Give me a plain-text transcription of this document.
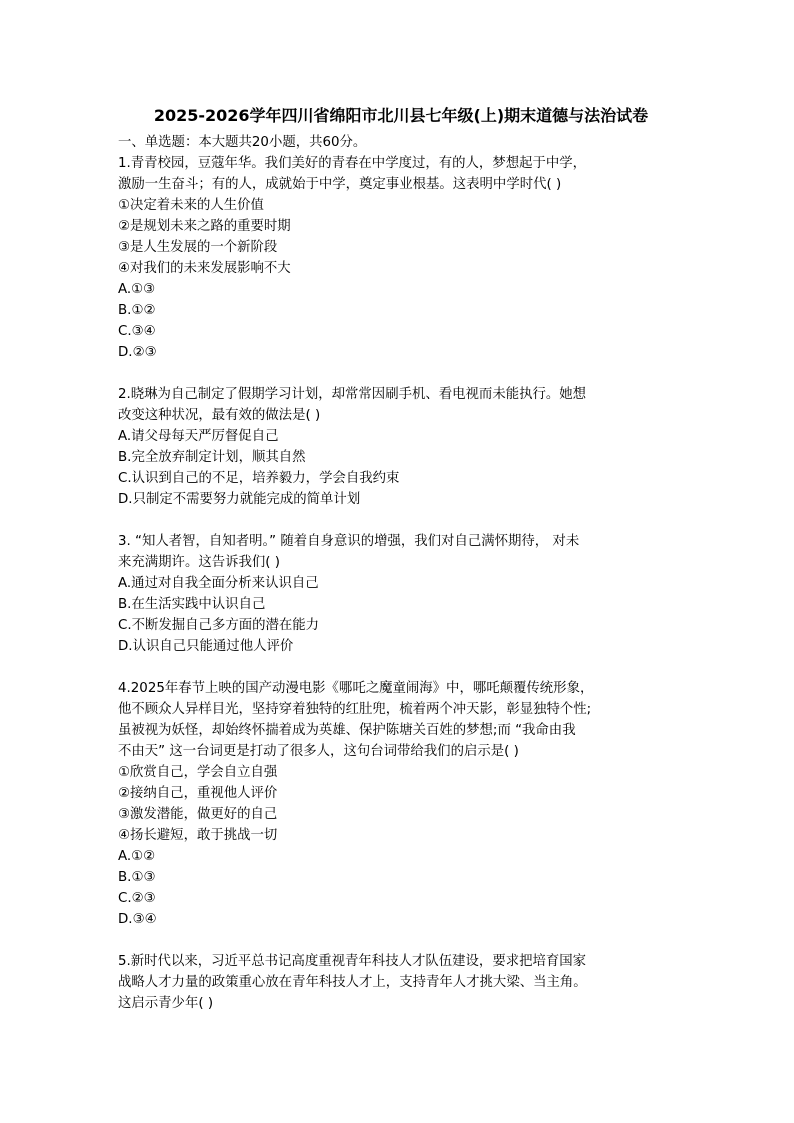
2025-2026学年四川省绵阳市北川县七年级(上)期末道德与法治试卷
一、单选题：本大题共20小题，共60分。
1.青青校园，豆蔻年华。我们美好的青春在中学度过，有的人，梦想起于中学，
激励一生奋斗；有的人，成就始于中学，奠定事业根基。这表明中学时代( )
①决定着未来的人生价值
②是规划未来之路的重要时期
③是人生发展的一个新阶段
④对我们的未来发展影响不大
A.①③
B.①②
C.③④
D.②③
2.晓琳为自己制定了假期学习计划，却常常因刷手机、看电视而未能执行。她想
改变这种状况，最有效的做法是( )
A.请父母每天严厉督促自己
B.完全放弃制定计划，顺其自然
C.认识到自己的不足，培养毅力，学会自我约束
D.只制定不需要努力就能完成的简单计划
3. “知人者智，自知者明。” 随着自身意识的增强，我们对自己满怀期待， 对未
来充满期许。这告诉我们( )
A.通过对自我全面分析来认识自己
B.在生活实践中认识自己
C.不断发掘自己多方面的潜在能力
D.认识自己只能通过他人评价
4.2025年春节上映的国产动漫电影《哪吒之魔童闹海》中，哪吒颠覆传统形象，
他不顾众人异样目光，坚持穿着独特的红肚兜，梳着两个冲天影，彰显独特个性;
虽被视为妖怪，却始终怀揣着成为英雄、保护陈塘关百姓的梦想;而 “我命由我
不由天” 这一台词更是打动了很多人，这句台词带给我们的启示是( )
①欣赏自己，学会自立自强
②接纳自己，重视他人评价
③激发潜能，做更好的自己
④扬长避短，敢于挑战一切
A.①②
B.①③
C.②③
D.③④
5.新时代以来，习近平总书记高度重视青年科技人才队伍建设，要求把培育国家
战略人才力量的政策重心放在青年科技人才上，支持青年人才挑大梁、当主角。
这启示青少年( )
